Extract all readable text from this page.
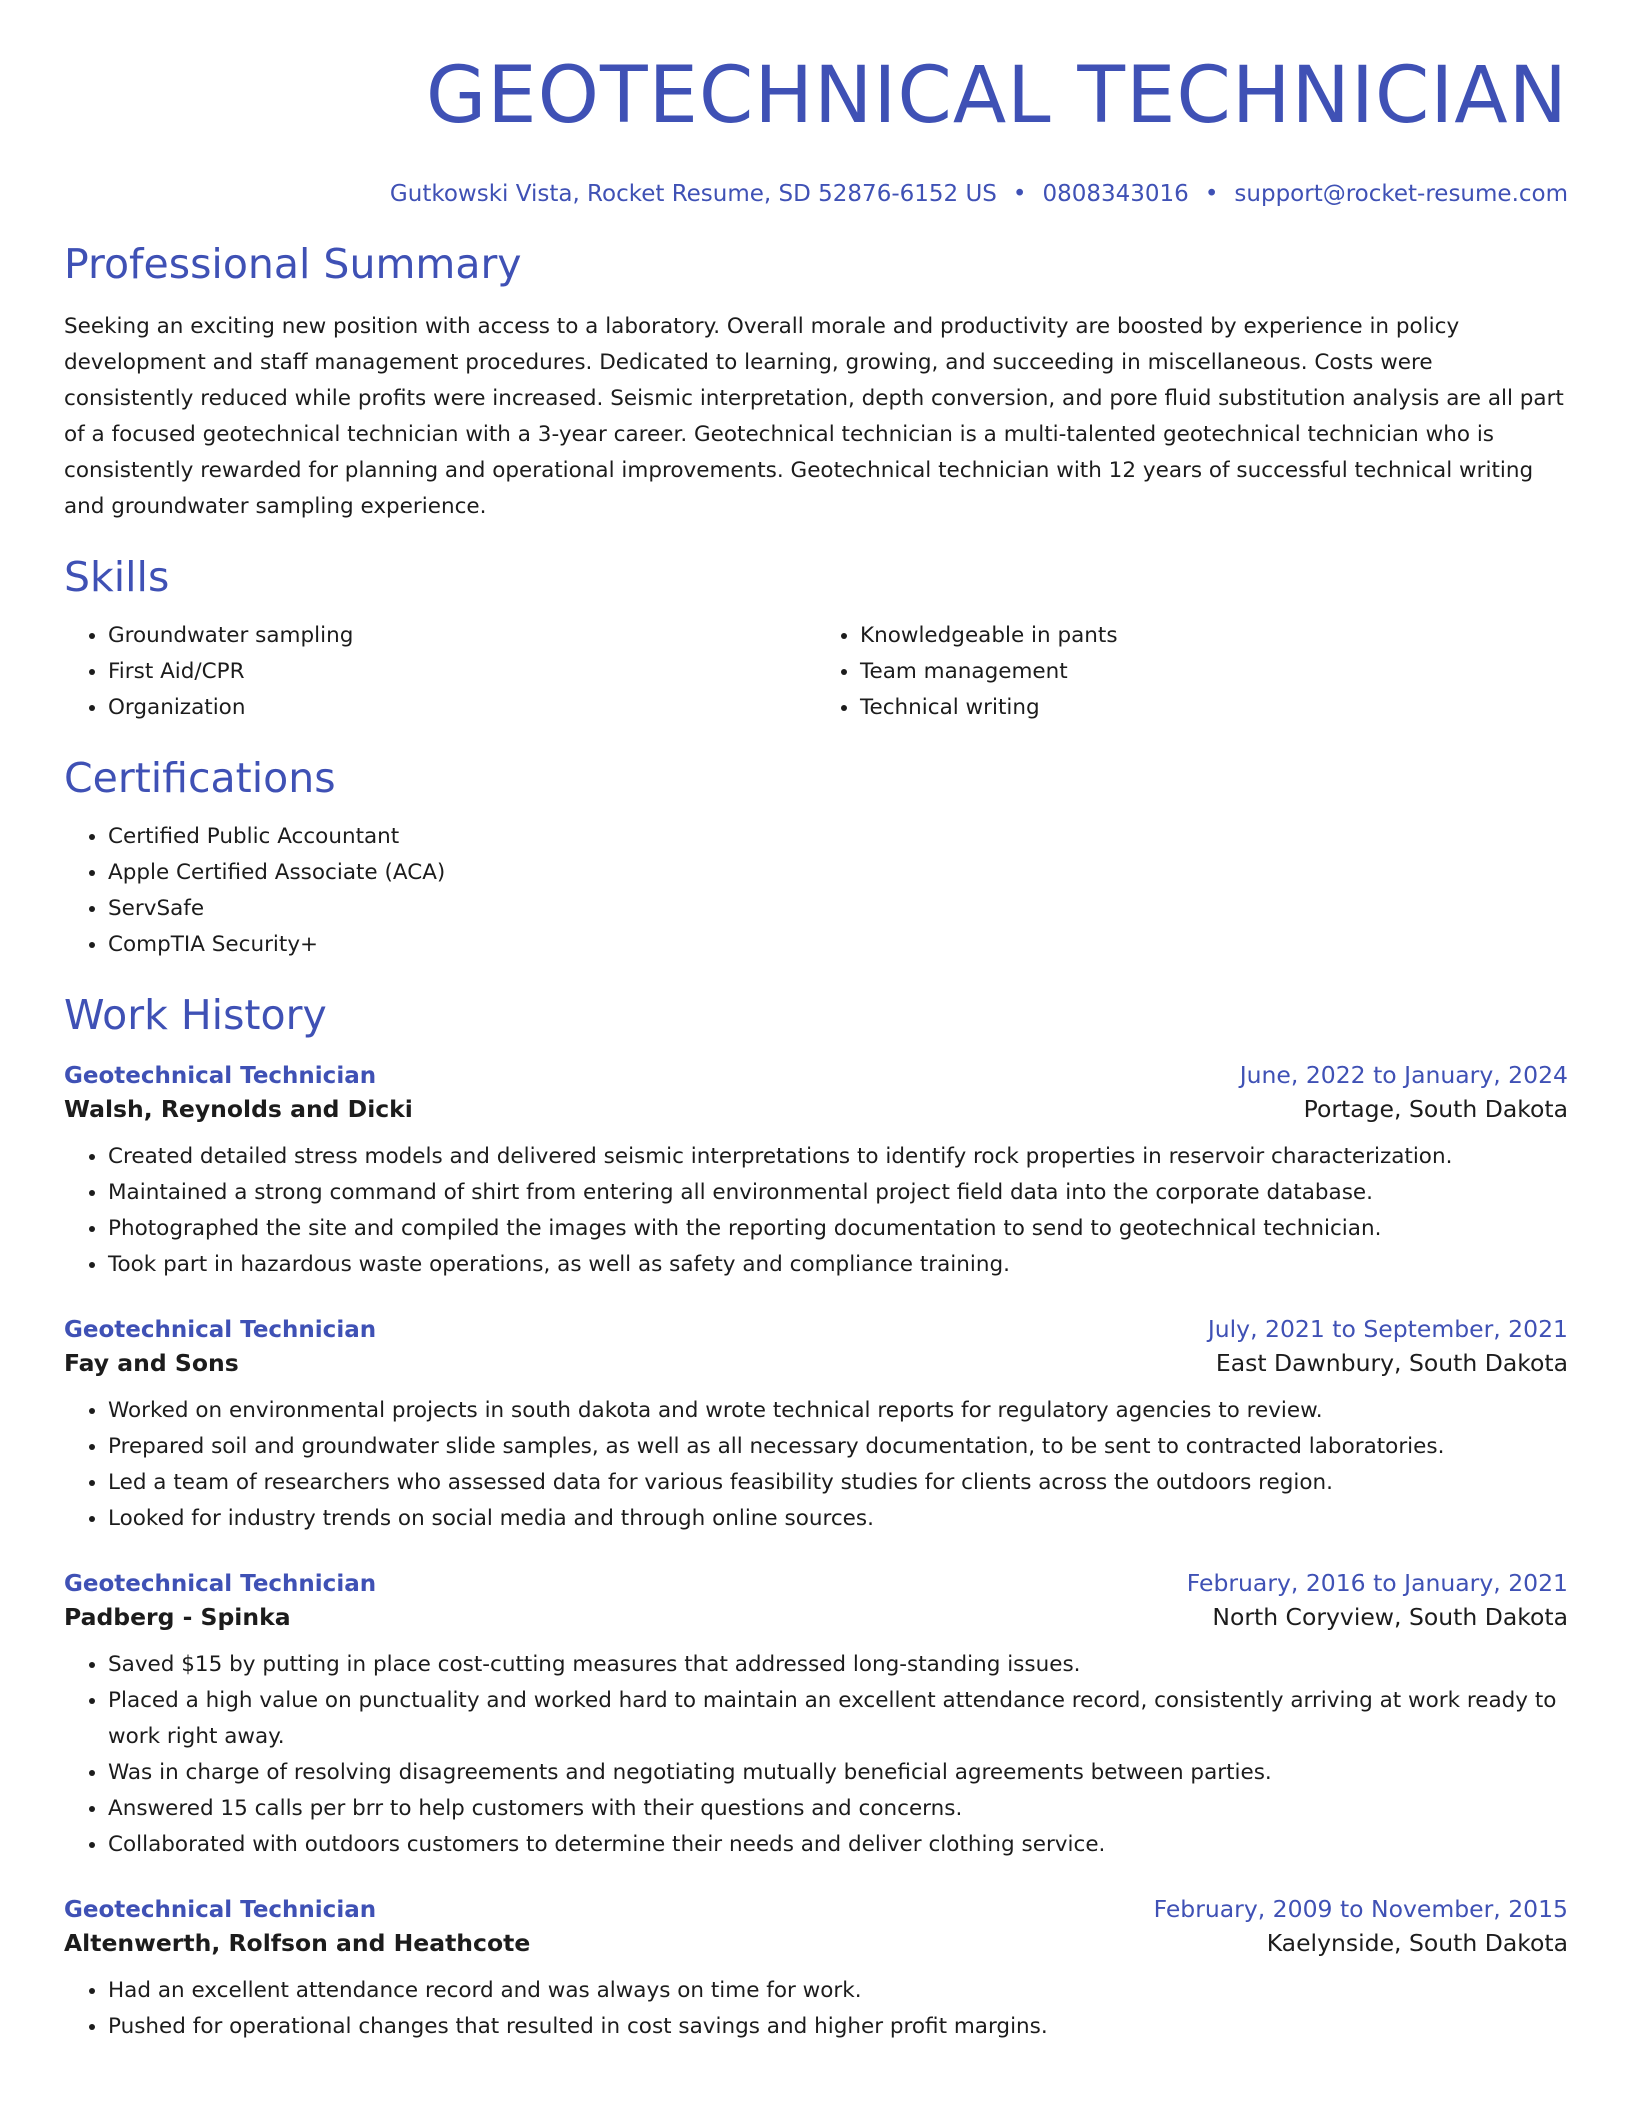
GEOTECHNICAL TECHNICIAN
Gutkowski Vista, Rocket Resume, SD 52876-6152 US • 0808343016 • support@rocket-resume.com
Professional Summary

Seeking an exciting new position with access to a laboratory. Overall morale and productivity are boosted by experience in policy development and staff management procedures. Dedicated to learning, growing, and succeeding in miscellaneous. Costs were consistently reduced while profits were increased. Seismic interpretation, depth conversion, and pore fluid substitution analysis are all part of a focused geotechnical technician with a 3-year career. Geotechnical technician is a multi-talented geotechnical technician who is consistently rewarded for planning and operational improvements. Geotechnical technician with 12 years of successful technical writing and groundwater sampling experience.

Skills
• Groundwater sampling
• First Aid/CPR
• Organization
• Knowledgeable in pants
• Team management
• Technical writing
Certifications
• Certified Public Accountant
• Apple Certified Associate (ACA)
• ServSafe
• CompTIA Security+
Work History
Geotechnical Technician	June, 2022 to January, 2024
Walsh, Reynolds and Dicki	Portage, South Dakota
• Created detailed stress models and delivered seismic interpretations to identify rock properties in reservoir characterization.
• Maintained a strong command of shirt from entering all environmental project field data into the corporate database.
• Photographed the site and compiled the images with the reporting documentation to send to geotechnical technician.
• Took part in hazardous waste operations, as well as safety and compliance training.
Geotechnical Technician	July, 2021 to September, 2021
Fay and Sons	East Dawnbury, South Dakota
• Worked on environmental projects in south dakota and wrote technical reports for regulatory agencies to review.
• Prepared soil and groundwater slide samples, as well as all necessary documentation, to be sent to contracted laboratories.
• Led a team of researchers who assessed data for various feasibility studies for clients across the outdoors region.
• Looked for industry trends on social media and through online sources.
Geotechnical Technician	February, 2016 to January, 2021
Padberg - Spinka	North Coryview, South Dakota
• Saved $15 by putting in place cost-cutting measures that addressed long-standing issues.
• Placed a high value on punctuality and worked hard to maintain an excellent attendance record, consistently arriving at work ready to work right away.
• Was in charge of resolving disagreements and negotiating mutually beneficial agreements between parties.
• Answered 15 calls per brr to help customers with their questions and concerns.
• Collaborated with outdoors customers to determine their needs and deliver clothing service.
Geotechnical Technician	February, 2009 to November, 2015
Altenwerth, Rolfson and Heathcote	Kaelynside, South Dakota
• Had an excellent attendance record and was always on time for work.
• Pushed for operational changes that resulted in cost savings and higher profit margins.
